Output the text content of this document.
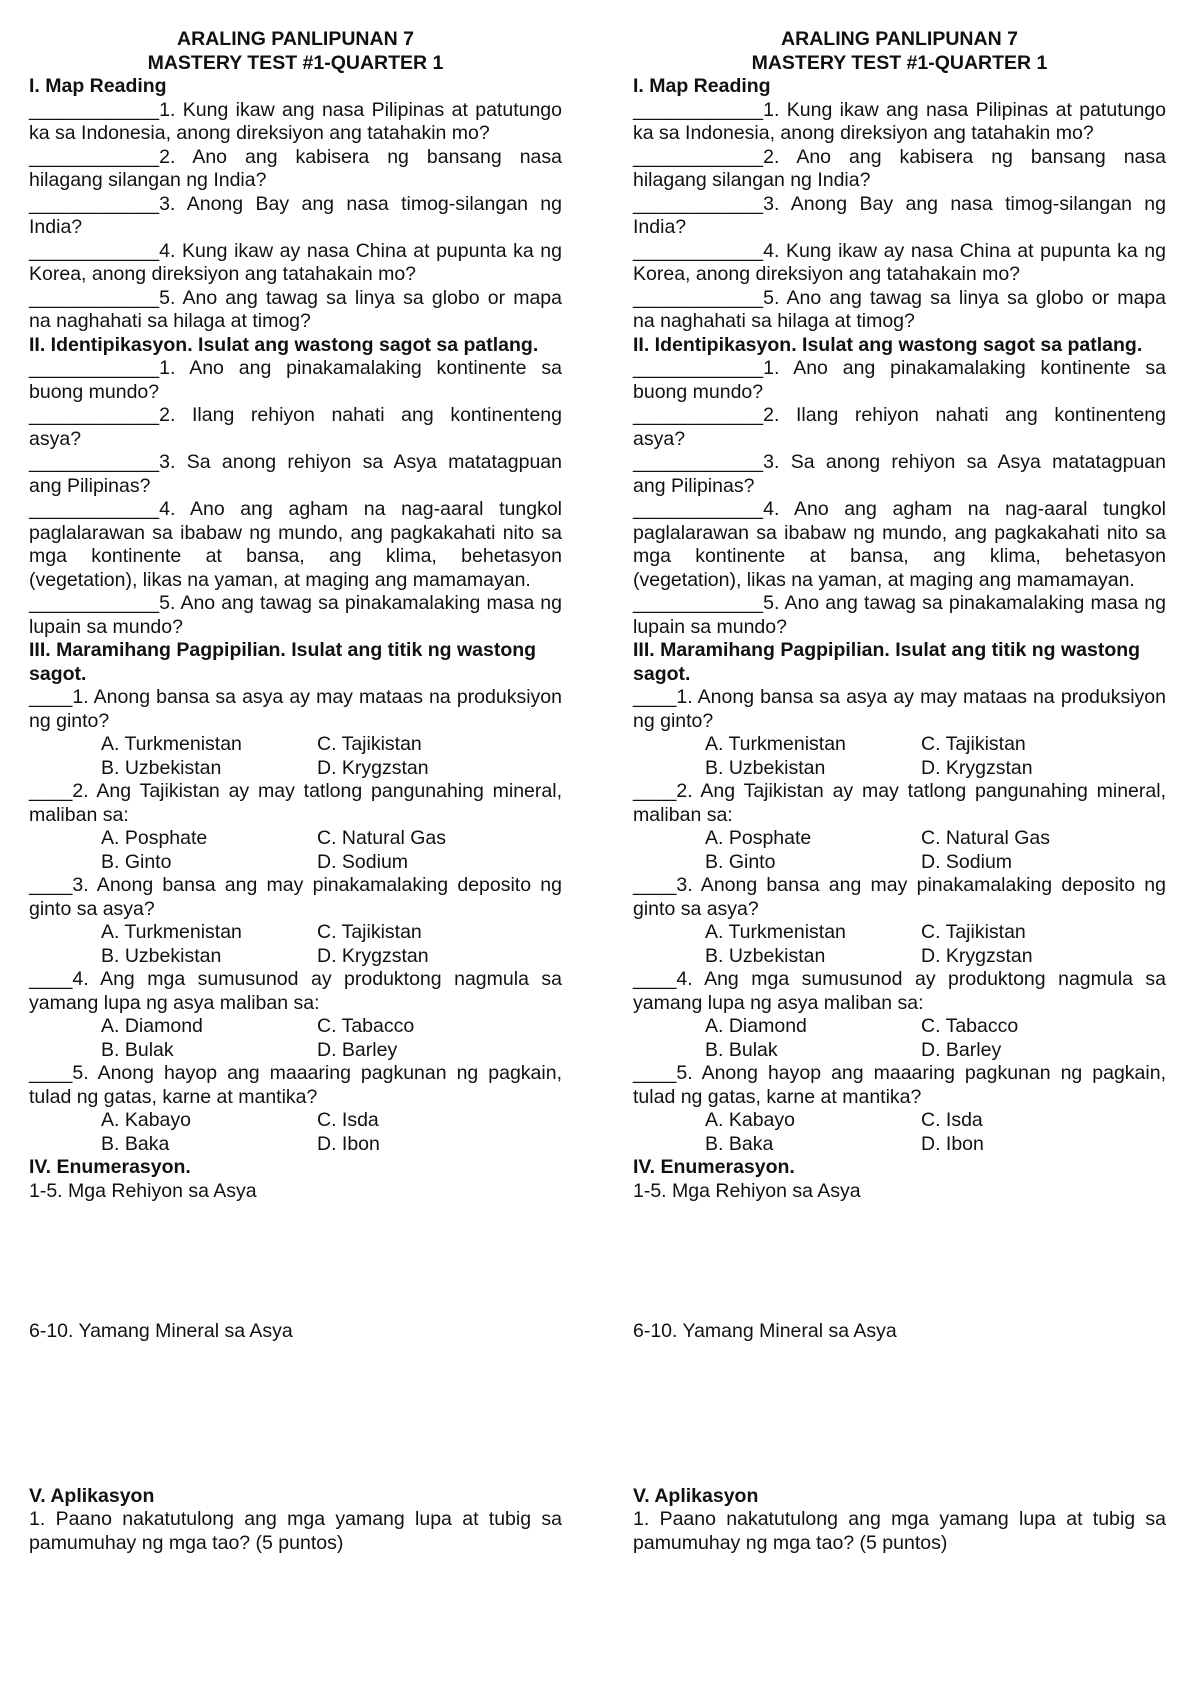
ARALING PANLIPUNAN 7
MASTERY TEST #1-QUARTER 1
I. Map Reading
_____ 1. Kung ikaw ang nasa Pilipinas at patutungo ka sa Indonesia, anong direksiyon ang tatahakin mo?
_____ 2. Ano ang kabisera ng bansang nasa hilagang silangan ng India?
_____ 3. Anong Bay ang nasa timog-silangan ng India?
_____ 4. Kung ikaw ay nasa China at pupunta ka ng Korea, anong direksiyon ang tatahakain mo?
_____ 5. Ano ang tawag sa linya sa globo or mapa na naghahati sa hilaga at timog?
II. Identipikasyon. Isulat ang wastong sagot sa patlang.
_____ 1. Ano ang pinakamalaking kontinente sa buong mundo?
_____ 2. Ilang rehiyon nahati ang kontinenteng asya?
_____ 3. Sa anong rehiyon sa Asya matatagpuan ang Pilipinas?
_____ 4. Ano ang agham na nag-aaral tungkol paglalarawan sa ibabaw ng mundo, ang pagkakahati nito sa mga kontinente at bansa, ang klima, behetasyon (vegetation), likas na yaman, at maging ang mamamayan.
_____ 5. Ano ang tawag sa pinakamalaking masa ng lupain sa mundo?
III. Maramihang Pagpipilian. Isulat ang titik ng wastong sagot.
____ 1. Anong bansa sa asya ay may mataas na produksiyon ng ginto?
A. Turkmenistan	C. Tajikistan
B. Uzbekistan	D. Krygzstan
____ 2. Ang Tajikistan ay may tatlong pangunahing mineral, maliban sa:
A. Posphate	C. Natural Gas
B. Ginto	D. Sodium
____ 3. Anong bansa ang may pinakamalaking deposito ng ginto sa asya?
A. Turkmenistan	C. Tajikistan
B. Uzbekistan	D. Krygzstan
____ 4. Ang mga sumusunod ay produktong nagmula sa yamang lupa ng asya maliban sa:
A. Diamond	C. Tabacco
B. Bulak	D. Barley
____ 5. Anong hayop ang maaaring pagkunan ng pagkain, tulad ng gatas, karne at mantika?
A. Kabayo	C. Isda
B. Baka	D. Ibon
IV. Enumerasyon.
1-5. Mga Rehiyon sa Asya
6-10. Yamang Mineral sa Asya
V. Aplikasyon
1. Paano nakatutulong ang mga yamang lupa at tubig sa pamumuhay ng mga tao? (5 puntos)
ARALING PANLIPUNAN 7
MASTERY TEST #1-QUARTER 1
I. Map Reading
_____ 1. Kung ikaw ang nasa Pilipinas at patutungo ka sa Indonesia, anong direksiyon ang tatahakin mo?
_____ 2. Ano ang kabisera ng bansang nasa hilagang silangan ng India?
_____ 3. Anong Bay ang nasa timog-silangan ng India?
_____ 4. Kung ikaw ay nasa China at pupunta ka ng Korea, anong direksiyon ang tatahakain mo?
_____ 5. Ano ang tawag sa linya sa globo or mapa na naghahati sa hilaga at timog?
II. Identipikasyon. Isulat ang wastong sagot sa patlang.
_____ 1. Ano ang pinakamalaking kontinente sa buong mundo?
_____ 2. Ilang rehiyon nahati ang kontinenteng asya?
_____ 3. Sa anong rehiyon sa Asya matatagpuan ang Pilipinas?
_____ 4. Ano ang agham na nag-aaral tungkol paglalarawan sa ibabaw ng mundo, ang pagkakahati nito sa mga kontinente at bansa, ang klima, behetasyon (vegetation), likas na yaman, at maging ang mamamayan.
_____ 5. Ano ang tawag sa pinakamalaking masa ng lupain sa mundo?
III. Maramihang Pagpipilian. Isulat ang titik ng wastong sagot.
____ 1. Anong bansa sa asya ay may mataas na produksiyon ng ginto?
A. Turkmenistan	C. Tajikistan
B. Uzbekistan	D. Krygzstan
____ 2. Ang Tajikistan ay may tatlong pangunahing mineral, maliban sa:
A. Posphate	C. Natural Gas
B. Ginto	D. Sodium
____ 3. Anong bansa ang may pinakamalaking deposito ng ginto sa asya?
A. Turkmenistan	C. Tajikistan
B. Uzbekistan	D. Krygzstan
____ 4. Ang mga sumusunod ay produktong nagmula sa yamang lupa ng asya maliban sa:
A. Diamond	C. Tabacco
B. Bulak	D. Barley
____ 5. Anong hayop ang maaaring pagkunan ng pagkain, tulad ng gatas, karne at mantika?
A. Kabayo	C. Isda
B. Baka	D. Ibon
IV. Enumerasyon.
1-5. Mga Rehiyon sa Asya
6-10. Yamang Mineral sa Asya
V. Aplikasyon
1. Paano nakatutulong ang mga yamang lupa at tubig sa pamumuhay ng mga tao? (5 puntos)
